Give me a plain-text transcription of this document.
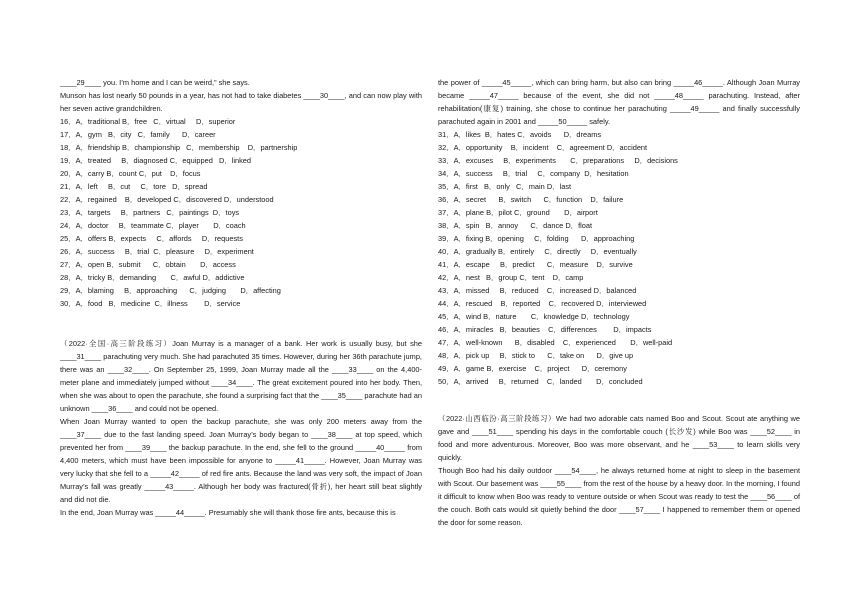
____29____ you. I’m home and I can be weird,” she says.

Munson has lost nearly 50 pounds in a year, has not had to take diabetes ____30____, and can now play with her seven active grandchildren.

16．A．traditional B．free   C．virtual     D．superior

17．A．gym   B．city   C．family      D．career

18．A．friendship B．championship   C．membership    D．partnership

19．A．treated     B．diagnosed C．equipped   D．linked

20．A．carry B．count C．put    D．focus

21．A．left     B．cut     C．tore   D．spread

22．A．regained    B．developed C．discovered D．understood

23．A．targets     B．partners   C．paintings  D．toys

24．A．doctor     B．teammate C．player       D．coach

25．A．offers B．expects     C．affords     D．requests

26．A．success     B．trial  C．pleasure     D．experiment

27．A．open B．submit      C．obtain       D．access

28．A．tricky B．demanding       C．awful D．addictive

29．A．blaming     B．approaching      C．judging       D．affecting

30．A．food   B．medicine  C．illness        D．service

（2022·全国·高三阶段练习）Joan Murray is a manager of a bank. Her work is usually busy, but she ____31____ parachuting very much. She had parachuted 35 times. However, during her 36th parachute jump, there was an ____32____. On September 25, 1999, Joan Murray made all the ____33____ on the 4,400-meter plane and immediately jumped without ____34____. The great excitement poured into her body. Then, when she was about to open the parachute, she found a surprising fact that the ____35____ parachute had an unknown ____36____ and could not be opened.

When Joan Murray wanted to open the backup parachute, she was only 200 meters away from the ____37____ due to the fast landing speed. Joan Murray’s body began to ____38____ at top speed, which prevented her from ____39____ the backup parachute. In the end, she fell to the ground _____40_____ from 4,400 meters, which must have been impossible for anyone to _____41_____. However, Joan Murray was very lucky that she fell to a _____42_____ of red fire ants. Because the land was very soft, the impact of Joan Murray’s fall was greatly _____43_____. Although her body was fractured(骨折), her heart still beat slightly and did not die.

In the end, Joan Murray was _____44_____. Presumably she will thank those fire ants, because this is

the power of _____45_____, which can bring harm, but also can bring _____46_____. Although Joan Murray became _____47_____ because of the event, she did not _____48_____ parachuting. Instead, after rehabilitation(康复) training, she chose to continue her parachuting _____49_____ and finally successfully parachuted again in 2001 and _____50_____ safely.

31．A．likes  B．hates C．avoids      D．dreams

32．A．opportunity    B．incident    C．agreement D．accident

33．A．excuses     B．experiments       C．preparations     D．decisions

34．A．success     B．trial     C．company  D．hesitation

35．A．first   B．only   C．main D．last

36．A．secret      B．switch      C．function    D．failure

37．A．plane B．pilot C．ground       D．airport

38．A．spin   B．annoy      C．dance D．float

39．A．fixing B．opening     C．folding      D．approaching

40．A．gradually B．entirely     C．directly     D．eventually

41．A．escape     B．predict      C．measure    D．survive

42．A．nest   B．group C．tent    D．camp

43．A．missed     B．reduced    C．increased D．balanced

44．A．rescued    B．reported    C．recovered D．interviewed

45．A．wind B．nature       C．knowledge D．technology

46．A．miracles   B．beauties    C．differences        D．impacts

47．A．well-known      B．disabled    C．experienced       D．well-paid

48．A．pick up     B．stick to      C．take on      D．give up

49．A．game B．exercise    C．project      D．ceremony

50．A．arrived     B．returned    C．landed       D．concluded

（2022·山西临汾·高三阶段练习）We had two adorable cats named Boo and Scout. Scout ate anything we gave and ____51____ spending his days in the comfortable couch (长沙发) while Boo was ____52____ in food and more adventurous. Moreover, Boo was more observant, and he ____53____ to learn skills very quickly.

Though Boo had his daily outdoor ____54____, he always returned home at night to sleep in the basement with Scout. Our basement was ____55____ from the rest of the house by a heavy door. In the morning, I found it difficult to know when Boo was ready to venture outside or when Scout was ready to test the ____56____ of the couch. Both cats would sit quietly behind the door ____57____ I happened to remember them or opened the door for some reason.
